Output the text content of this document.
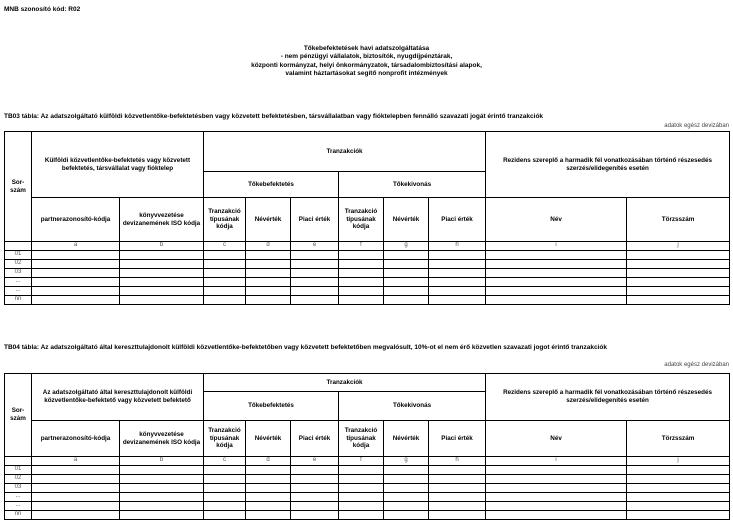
MNB szonosító kód: R02
Tőkebefektetések havi adatszolgáltatása
- nem pénzügyi vállalatok, biztosítók, nyugdíjpénztárak,
központi kormányzat, helyi önkormányzatok, társadalombiztosítási alapok,
valamint háztartásokat segítő nonprofit intézmények
TB03 tábla: Az adatszolgáltató külföldi közvetlentőke-befektetésben vagy közvetett befektetésben, társvállalatban vagy fióktelepben fennálló szavazati jogát érintő tranzakciók
adatok egész devizában
Sor-szám	Külföldi közvetlentőke-befektetés vagy közvetett befektetés, társvállalat vagy fióktelep		Tranzakciók						Rezidens szereplő a harmadik fél vonatkozásában történő részesedés szerzés/elidegenítés esetén	
			Tőkebefektetés			Tőkekivonás				
	partnerazonosító-kódja	könyvvezetése devizanemének ISO kódja	Tranzakció típusának kódja	Névérték	Piaci érték	Tranzakció típusának kódja	Névérték	Piaci érték	Név	Törzsszám
	a	b	c	d	e	f	g	h	i	j
01										
02										
03										
...										
...										
nn										
TB04 tábla: Az adatszolgáltató által kereszttulajdonolt külföldi közvetlentőke-befektetőben vagy közvetett befektetőben megvalósult, 10%-ot el nem érő közvetlen szavazati jogot érintő tranzakciók
adatok egész devizában
Sor-szám	Az adatszolgáltató által kereszttulajdonolt külföldi közvetlentőke-befektető vagy közvetett befektető		Tranzakciók						Rezidens szereplő a harmadik fél vonatkozásában történő részesedés szerzés/elidegenítés esetén	
			Tőkebefektetés			Tőkekivonás				
	partnerazonosító-kódja	könyvvezetése devizanemének ISO kódja	Tranzakció típusának kódja	Névérték	Piaci érték	Tranzakció típusának kódja	Névérték	Piaci érték	Név	Törzsszám
	a	b	c	d	e	f	g	h	i	j
01										
02										
03										
...										
...										
nn										
